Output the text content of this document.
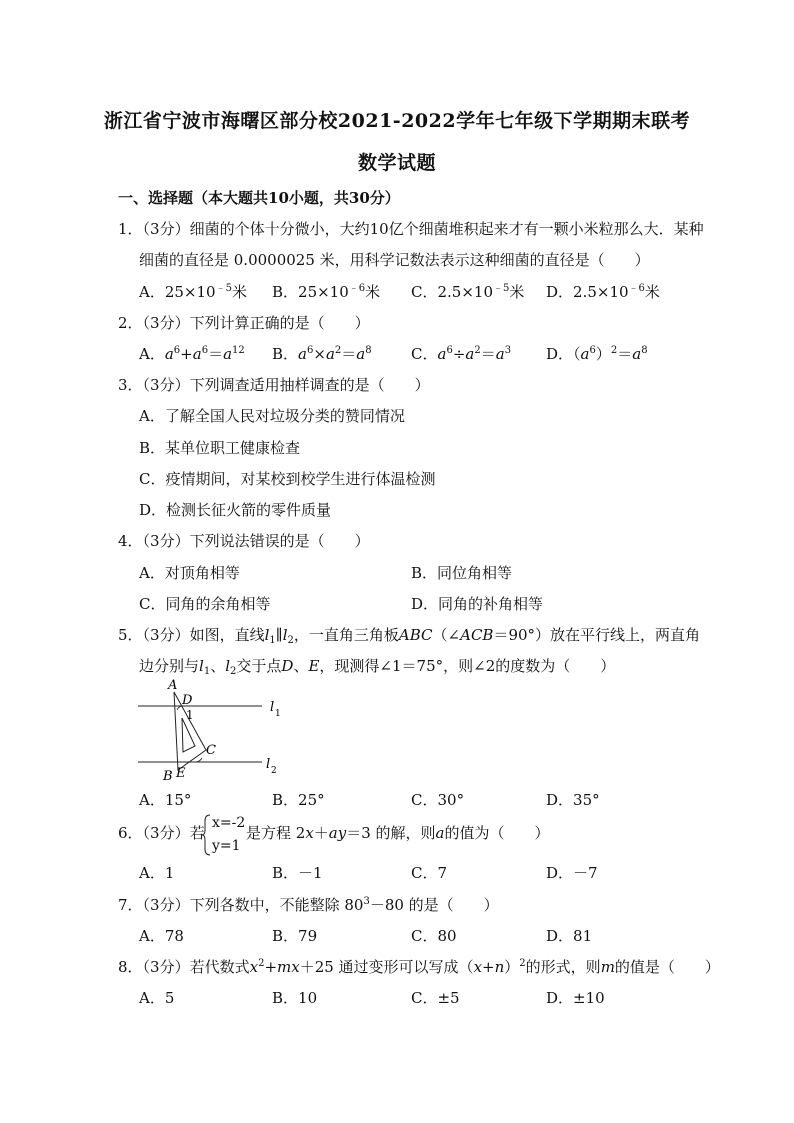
浙江省宁波市海曙区部分校2021-2022学年七年级下学期期末联考
数学试题
一、选择题（本大题共10小题，共30分）
1．（3分）细菌的个体十分微小，大约10亿个细菌堆积起来才有一颗小米粒那么大．某种
细菌的直径是 0.0000025 米，用科学记数法表示这种细菌的直径是（　　）
A．$25\times 10^{﹣5}$米 B．$25\times 10^{﹣6}$米 C．$2.5\times 10^{﹣5}$米 D．$2.5\times 10^{﹣6}$米
2．（3分）下列计算正确的是（　　）
A．$a^6+a^6=a^{12}$ B．$a^6\times a^2=a^8$	C．$a^6\div a^2=a^3$ D．$(a^6)^2=a^8$
3．（3分）下列调查适用抽样调查的是（　　）
A．了解全国人民对垃圾分类的赞同情况
B．某单位职工健康检查
C．疫情期间，对某校到校学生进行体温检测
D．检测长征火箭的零件质量
4．（3分）下列说法错误的是（　　）
A．对顶角相等	B．同位角相等
C．同角的余角相等	D．同角的补角相等
5．（3分）如图，直线$l_1\parallel l_2$，一直角三角板ABC（∠ACB＝90°）放在平行线上，两直角
边分别与$l_1$、$l_2$交于点D、E，现测得∠1＝75°，则∠2的度数为（　　）
A
D
1
C
E
B
l 1
l 2
A．15°	B．25°	C．30°	D．35°
6．（3分）若
x=-2
y=1
是方程 2x＋ay＝3 的解，则a的值为（　　）
A．1	B．－1	C．7	D．－7
7．（3分）下列各数中，不能整除 $80^3-80$ 的是（　　）
A．78	B．79	C．80	D．81
8．（3分）若代数式$x^2+mx+25$ 通过变形可以写成$(x+n)^2$的形式，则m的值是（　　）
A．5	B．10	C．±5	D．±10
